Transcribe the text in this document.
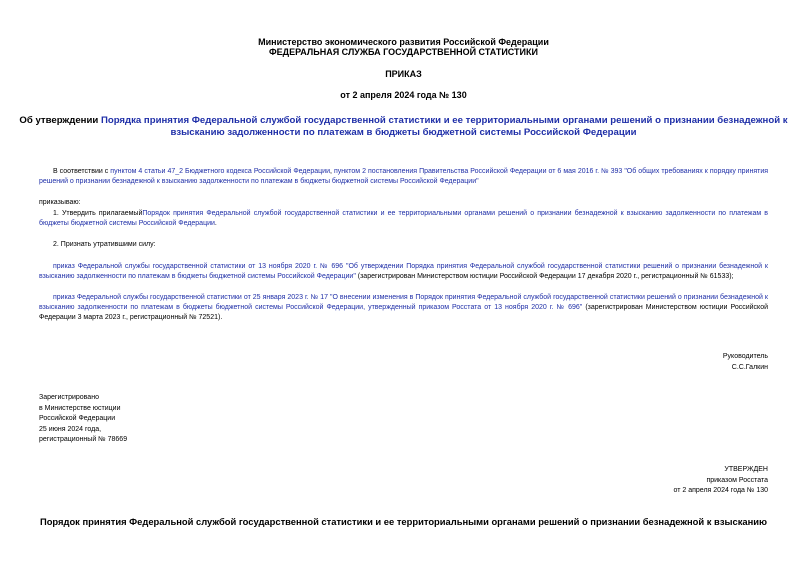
Министерство экономического развития Российской Федерации
ФЕДЕРАЛЬНАЯ СЛУЖБА ГОСУДАРСТВЕННОЙ СТАТИСТИКИ
ПРИКАЗ
от 2 апреля 2024 года № 130
Об утверждении Порядка принятия Федеральной службой государственной статистики и ее территориальными органами решений о признании безнадежной к
взысканию задолженности по платежам в бюджеты бюджетной системы Российской Федерации
В соответствии с пунктом 4 статьи 47_2 Бюджетного кодекса Российской Федерации, пунктом 2 постановления Правительства Российской Федерации от 6 мая 2016 г. № 393 "Об общих требованиях к порядку принятия решений о признании безнадежной к взысканию задолженности по платежам в бюджеты бюджетной системы Российской Федерации"
приказываю:
1. Утвердить прилагаемыйПорядок принятия Федеральной службой государственной статистики и ее территориальными органами решений о признании безнадежной к взысканию задолженности по платежам в бюджеты бюджетной системы Российской Федерации.
2. Признать утратившими силу:
приказ Федеральной службы государственной статистики от 13 ноября 2020 г. № 696 "Об утверждении Порядка принятия Федеральной службой государственной статистики решений о признании безнадежной к взысканию задолженности по платежам в бюджеты бюджетной системы Российской Федерации" (зарегистрирован Министерством юстиции Российской Федерации 17 декабря 2020 г., регистрационный № 61533);
приказ Федеральной службы государственной статистики от 25 января 2023 г. № 17 "О внесении изменения в Порядок принятия Федеральной службой государственной статистики решений о признании безнадежной к взысканию задолженности по платежам в бюджеты бюджетной системы Российской Федерации, утвержденный приказом Росстата от 13 ноября 2020 г. № 696" (зарегистрирован Министерством юстиции Российской Федерации 3 марта 2023 г., регистрационный № 72521).
Руководитель
С.С.Галкин
Зарегистрировано
в Министерстве юстиции
Российской Федерации
25 июня 2024 года,
регистрационный № 78669
УТВЕРЖДЕН
приказом Росстата
от 2 апреля 2024 года № 130
Порядок принятия Федеральной службой государственной статистики и ее территориальными органами решений о признании безнадежной к взысканию
